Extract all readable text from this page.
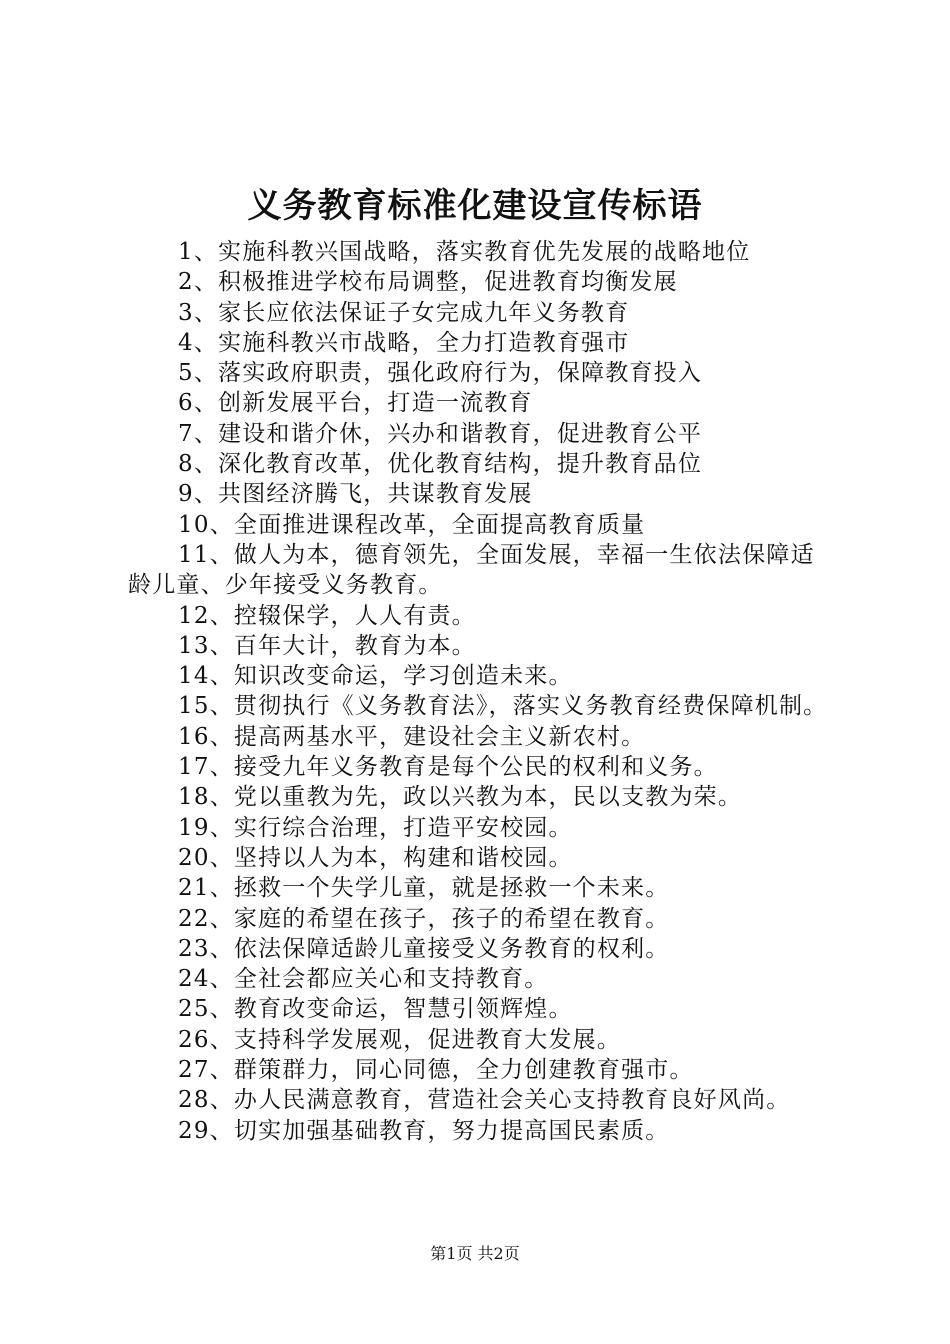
义务教育标准化建设宣传标语
1、实施科教兴国战略，落实教育优先发展的战略地位
2、积极推进学校布局调整，促进教育均衡发展
3、家长应依法保证子女完成九年义务教育
4、实施科教兴市战略，全力打造教育强市
5、落实政府职责，强化政府行为，保障教育投入
6、创新发展平台，打造一流教育
7、建设和谐介休，兴办和谐教育，促进教育公平
8、深化教育改革，优化教育结构，提升教育品位
9、共图经济腾飞，共谋教育发展
10、全面推进课程改革，全面提高教育质量
11、做人为本，德育领先，全面发展，幸福一生依法保障适龄儿童、少年接受义务教育。
12、控辍保学，人人有责。
13、百年大计，教育为本。
14、知识改变命运，学习创造未来。
15、贯彻执行《义务教育法》，落实义务教育经费保障机制。
16、提高两基水平，建设社会主义新农村。
17、接受九年义务教育是每个公民的权利和义务。
18、党以重教为先，政以兴教为本，民以支教为荣。
19、实行综合治理，打造平安校园。
20、坚持以人为本，构建和谐校园。
21、拯救一个失学儿童，就是拯救一个未来。
22、家庭的希望在孩子，孩子的希望在教育。
23、依法保障适龄儿童接受义务教育的权利。
24、全社会都应关心和支持教育。
25、教育改变命运，智慧引领辉煌。
26、支持科学发展观，促进教育大发展。
27、群策群力，同心同德，全力创建教育强市。
28、办人民满意教育，营造社会关心支持教育良好风尚。
29、切实加强基础教育，努力提高国民素质。
第1页 共2页
